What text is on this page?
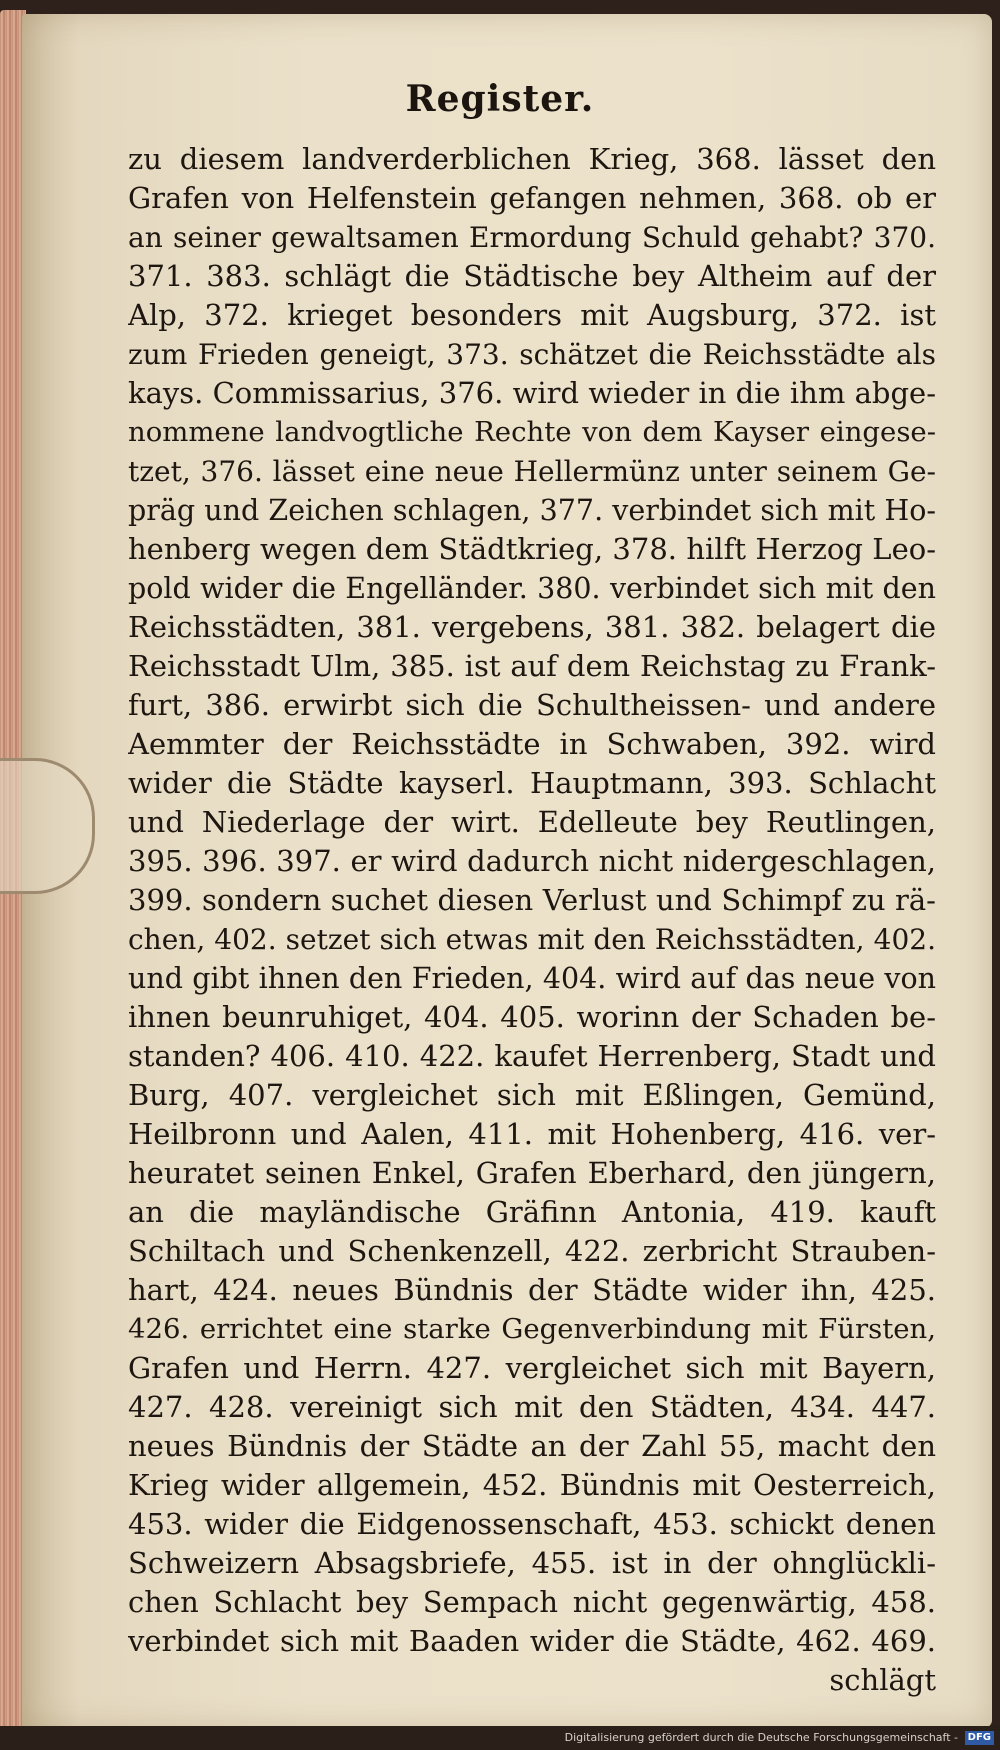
Register.
zu diesem landverderblichen Krieg, 368. lässet den
Grafen von Helfenstein gefangen nehmen, 368. ob er
an seiner gewaltsamen Ermordung Schuld gehabt? 370.
371. 383. schlägt die Städtische bey Altheim auf der
Alp, 372. krieget besonders mit Augsburg, 372. ist
zum Frieden geneigt, 373. schätzet die Reichsstädte als
kays. Commissarius, 376. wird wieder in die ihm abge-
nommene landvogtliche Rechte von dem Kayser eingese-
tzet, 376. lässet eine neue Hellermünz unter seinem Ge-
präg und Zeichen schlagen, 377. verbindet sich mit Ho-
henberg wegen dem Städtkrieg, 378. hilft Herzog Leo-
pold wider die Engelländer. 380. verbindet sich mit den
Reichsstädten, 381. vergebens, 381. 382. belagert die
Reichsstadt Ulm, 385. ist auf dem Reichstag zu Frank-
furt, 386. erwirbt sich die Schultheissen- und andere
Aemmter der Reichsstädte in Schwaben, 392. wird
wider die Städte kayserl. Hauptmann, 393. Schlacht
und Niederlage der wirt. Edelleute bey Reutlingen,
395. 396. 397. er wird dadurch nicht nidergeschlagen,
399. sondern suchet diesen Verlust und Schimpf zu rä-
chen, 402. setzet sich etwas mit den Reichsstädten, 402.
und gibt ihnen den Frieden, 404. wird auf das neue von
ihnen beunruhiget, 404. 405. worinn der Schaden be-
standen? 406. 410. 422. kaufet Herrenberg, Stadt und
Burg, 407. vergleichet sich mit Eßlingen, Gemünd,
Heilbronn und Aalen, 411. mit Hohenberg, 416. ver-
heuratet seinen Enkel, Grafen Eberhard, den jüngern,
an die mayländische Gräfinn Antonia, 419. kauft
Schiltach und Schenkenzell, 422. zerbricht Strauben-
hart, 424. neues Bündnis der Städte wider ihn, 425.
426. errichtet eine starke Gegenverbindung mit Fürsten,
Grafen und Herrn. 427. vergleichet sich mit Bayern,
427. 428. vereinigt sich mit den Städten, 434. 447.
neues Bündnis der Städte an der Zahl 55, macht den
Krieg wider allgemein, 452. Bündnis mit Oesterreich,
453. wider die Eidgenossenschaft, 453. schickt denen
Schweizern Absagsbriefe, 455. ist in der ohnglückli-
chen Schlacht bey Sempach nicht gegenwärtig, 458.
verbindet sich mit Baaden wider die Städte, 462. 469.
schlägt
Digitalisierung gefördert durch die Deutsche Forschungsgemeinschaft - DFG
